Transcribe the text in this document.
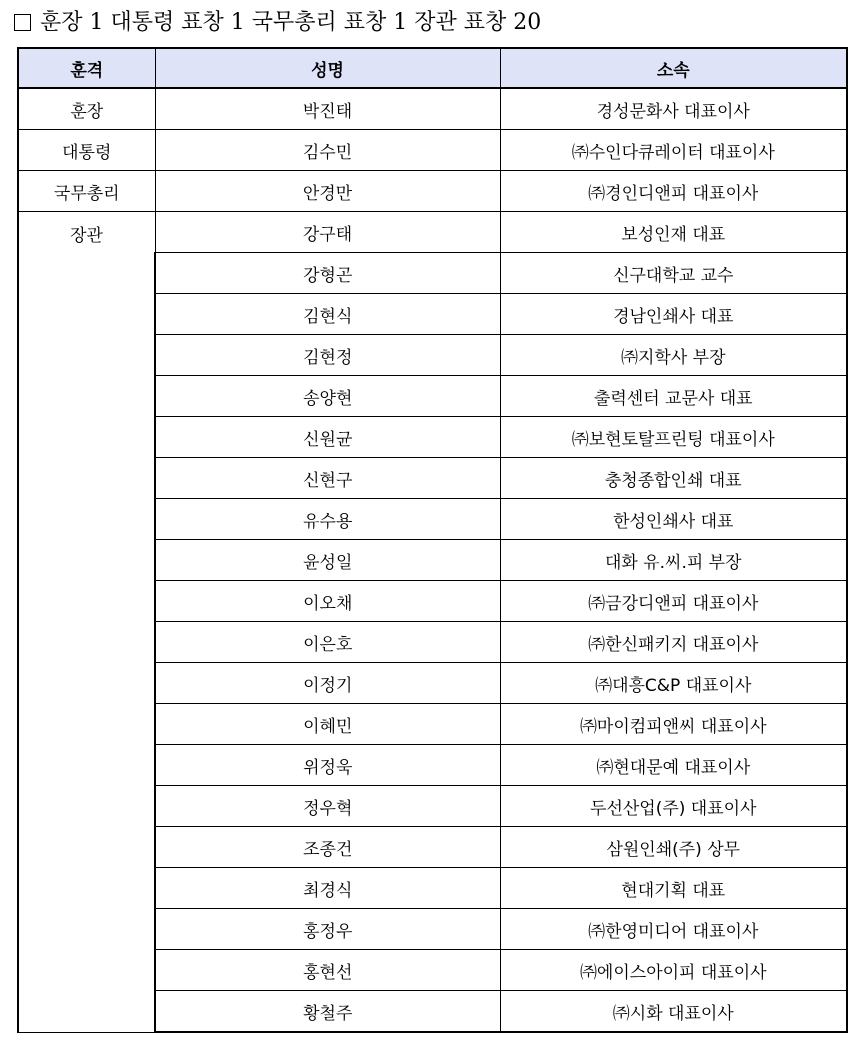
훈장 1 대통령 표창 1 국무총리 표창 1 장관 표창 20
훈격	성명	소속
훈장	박진태	경성문화사 대표이사
대통령	김수민	㈜수인다큐레이터 대표이사
국무총리	안경만	㈜경인디앤피 대표이사
장관	강구태	보성인재 대표
	강형곤	신구대학교 교수
	김현식	경남인쇄사 대표
	김현정	㈜지학사 부장
	송양현	출력센터 교문사 대표
	신원균	㈜보현토탈프린팅 대표이사
	신현구	충청종합인쇄 대표
	유수용	한성인쇄사 대표
	윤성일	대화 유.씨.피 부장
	이오채	㈜금강디앤피 대표이사
	이은호	㈜한신패키지 대표이사
	이정기	㈜대흥C&P 대표이사
	이혜민	㈜마이컴피앤씨 대표이사
	위정욱	㈜현대문예 대표이사
	정우혁	두선산업(주) 대표이사
	조종건	삼원인쇄(주) 상무
	최경식	현대기획 대표
	홍정우	㈜한영미디어 대표이사
	홍현선	㈜에이스아이피 대표이사
	황철주	㈜시화 대표이사
